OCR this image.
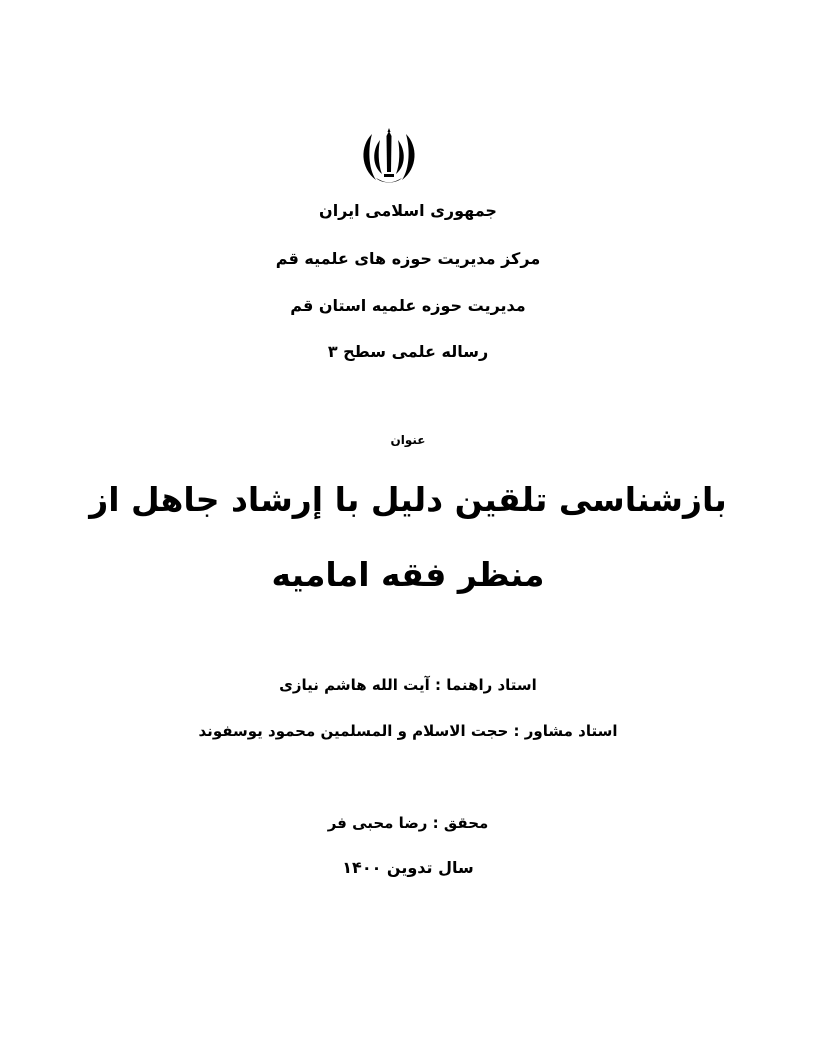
جمهوری اسلامی ایران
مرکز مدیریت حوزه های علمیه قم
مدیریت حوزه علمیه استان قم
رساله علمی سطح ۳
عنوان
بازشناسی تلقین دلیل با إرشاد جاهل از
منظر فقه امامیه
استاد راهنما : آیت الله هاشم نیازی
استاد مشاور : حجت الاسلام و المسلمین محمود یوسفوند
محقق : رضا محبی فر
سال تدوین ۱۴۰۰
